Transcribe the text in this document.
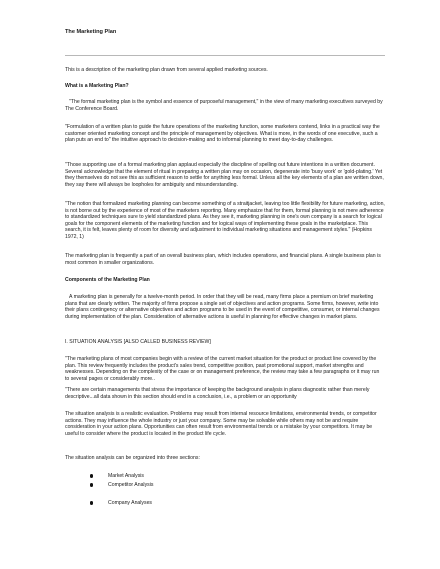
The Marketing Plan

This is a description of the marketing plan drawn from several applied marketing sources.

What is a Marketing Plan?

"The formal marketing plan is the symbol and essence of purposeful management," in the view of many marketing executives surveyed by The Conference Board.

"Formulation of a written plan to guide the future operations of the marketing function, some marketers contend, links in a practical way the customer oriented marketing concept and the principle of management by objectives. What is more, in the words of one executive, such a plan puts an end to" the intuitive approach to decision-making and to informal planning to meet day-to-day challenges.

"Those supporting use of a formal marketing plan applaud especially the discipline of spelling out future intentions in a written document. Several acknowledge that the element of ritual in preparing a written plan may on occasion, degenerate into 'busy work' or 'gold-plating.' Yet they themselves do not see this as sufficient reason to settle for anything less formal. Unless all the key elements of a plan are written down, they say there will always be loopholes for ambiguity and misunderstanding.

"The notion that formalized marketing planning can become something of a straitjacket, leaving too little flexibility for future marketing, action, is not borne out by the experience of most of the marketers reporting. Many emphasize that for them, formal planning is not mere adherence to standardized techniques sure to yield standardized plans. As they see it, marketing planning in one's own company is a search for logical goals for the component elements of the marketing function and for logical ways of implementing these goals in the marketplace. This search, it is felt, leaves plenty of room for diversity and adjustment to individual marketing situations and management styles." (Hopkins 1972, 1)

The marketing plan is frequently a part of an overall business plan, which includes operations, and financial plans. A single business plan is most common in smaller organizations.

Components of the Marketing Plan

A marketing plan is generally for a twelve-month period. In order that they will be read, many firms place a premium on brief marketing plans that are clearly written. The majority of firms propose a single set of objectives and action programs. Some firms, however, write into their plans contingency or alternative objectives and action programs to be used in the event of competitive, consumer, or internal changes during implementation of the plan. Consideration of alternative actions is useful in planning for effective changes in market plans.

I. SITUATION ANALYSIS [ALSO CALLED BUSINESS REVIEW]

"The marketing plans of most companies begin with a review of the current market situation for the product or product line covered by the plan. This review frequently includes the product's sales trend, competitive position, past promotional support, market strengths and weaknesses. Depending on the complexity of the case or on management preference, the review may take a few paragraphs or it may run to several pages or considerably more..

"There are certain managements that stress the importance of keeping the background analysis in plans diagnostic rather than merely descriptive...all data shown in this section should end in a conclusion, i.e., a problem or an opportunity

The situation analysis is a realistic evaluation. Problems may result from internal resource limitations, environmental trends, or competitor actions. They may influence the whole industry or just your company. Some may be solvable while others may not be and require consideration in your action plans. Opportunities can often result from environmental trends or a mistake by your competitors. It may be useful to consider where the product is located in the product life cycle.

The situation analysis can be organized into three sections:

Market Analysis
Competitor Analysis
Company Analyses
